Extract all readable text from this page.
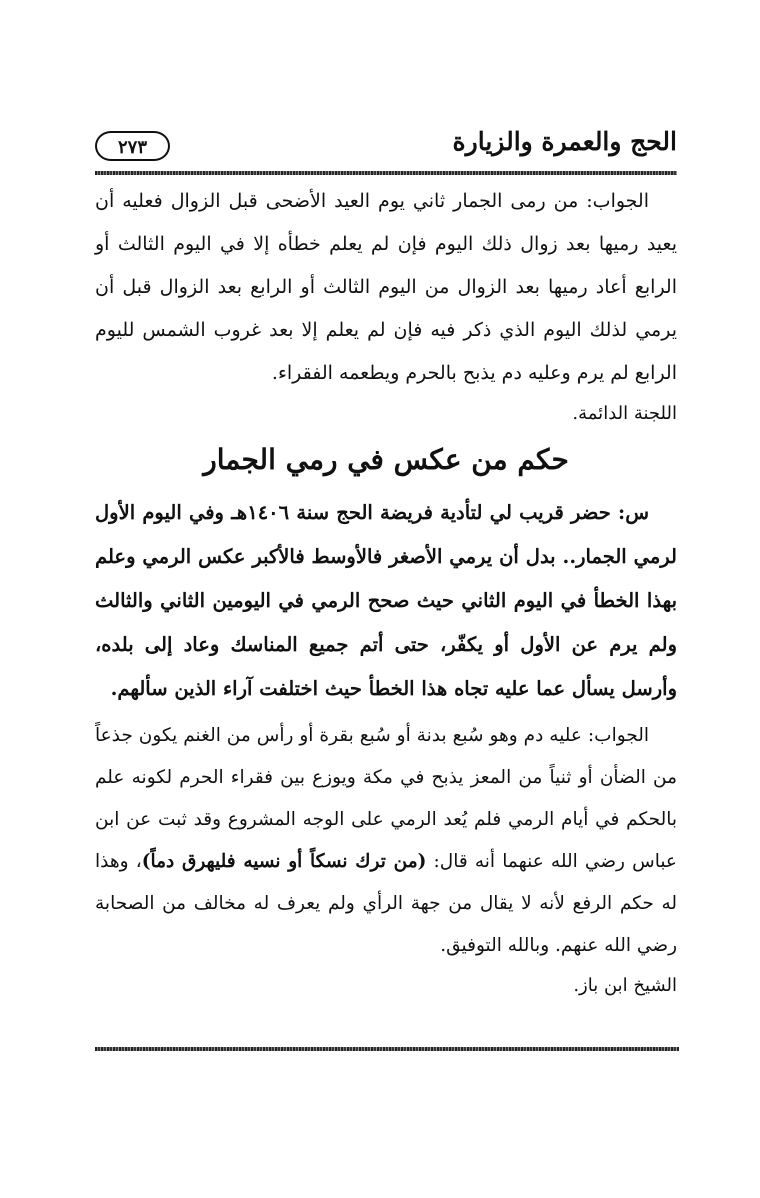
الحج والعمرة والزيارة
٢٧٣

الجواب: من رمى الجمار ثاني يوم العيد الأضحى قبل الزوال فعليه أن يعيد رميها بعد زوال ذلك اليوم فإن لم يعلم خطأه إلا في اليوم الثالث أو الرابع أعاد رميها بعد الزوال من اليوم الثالث أو الرابع بعد الزوال قبل أن يرمي لذلك اليوم الذي ذكر فيه فإن لم يعلم إلا بعد غروب الشمس لليوم الرابع لم يرم وعليه دم يذبح بالحرم ويطعمه الفقراء.

اللجنة الدائمة.

حكم من عكس في رمي الجمار

س: حضر قريب لي لتأدية فريضة الحج سنة ١٤٠٦هـ وفي اليوم الأول لرمي الجمار.. بدل أن يرمي الأصغر فالأوسط فالأكبر عكس الرمي وعلم بهذا الخطأ في اليوم الثاني حيث صحح الرمي في اليومين الثاني والثالث ولم يرم عن الأول أو يكفّر، حتى أتم جميع المناسك وعاد إلى بلده، وأرسل يسأل عما عليه تجاه هذا الخطأ حيث اختلفت آراء الذين سألهم.

الجواب: عليه دم وهو سُبع بدنة أو سُبع بقرة أو رأس من الغنم يكون جذعاً من الضأن أو ثنياً من المعز يذبح في مكة ويوزع بين فقراء الحرم لكونه علم بالحكم في أيام الرمي فلم يُعد الرمي على الوجه المشروع وقد ثبت عن ابن عباس رضي الله عنهما أنه قال: (من ترك نسكاً أو نسيه فليهرق دماً)، وهذا له حكم الرفع لأنه لا يقال من جهة الرأي ولم يعرف له مخالف من الصحابة رضي الله عنهم. وبالله التوفيق.

الشيخ ابن باز.
